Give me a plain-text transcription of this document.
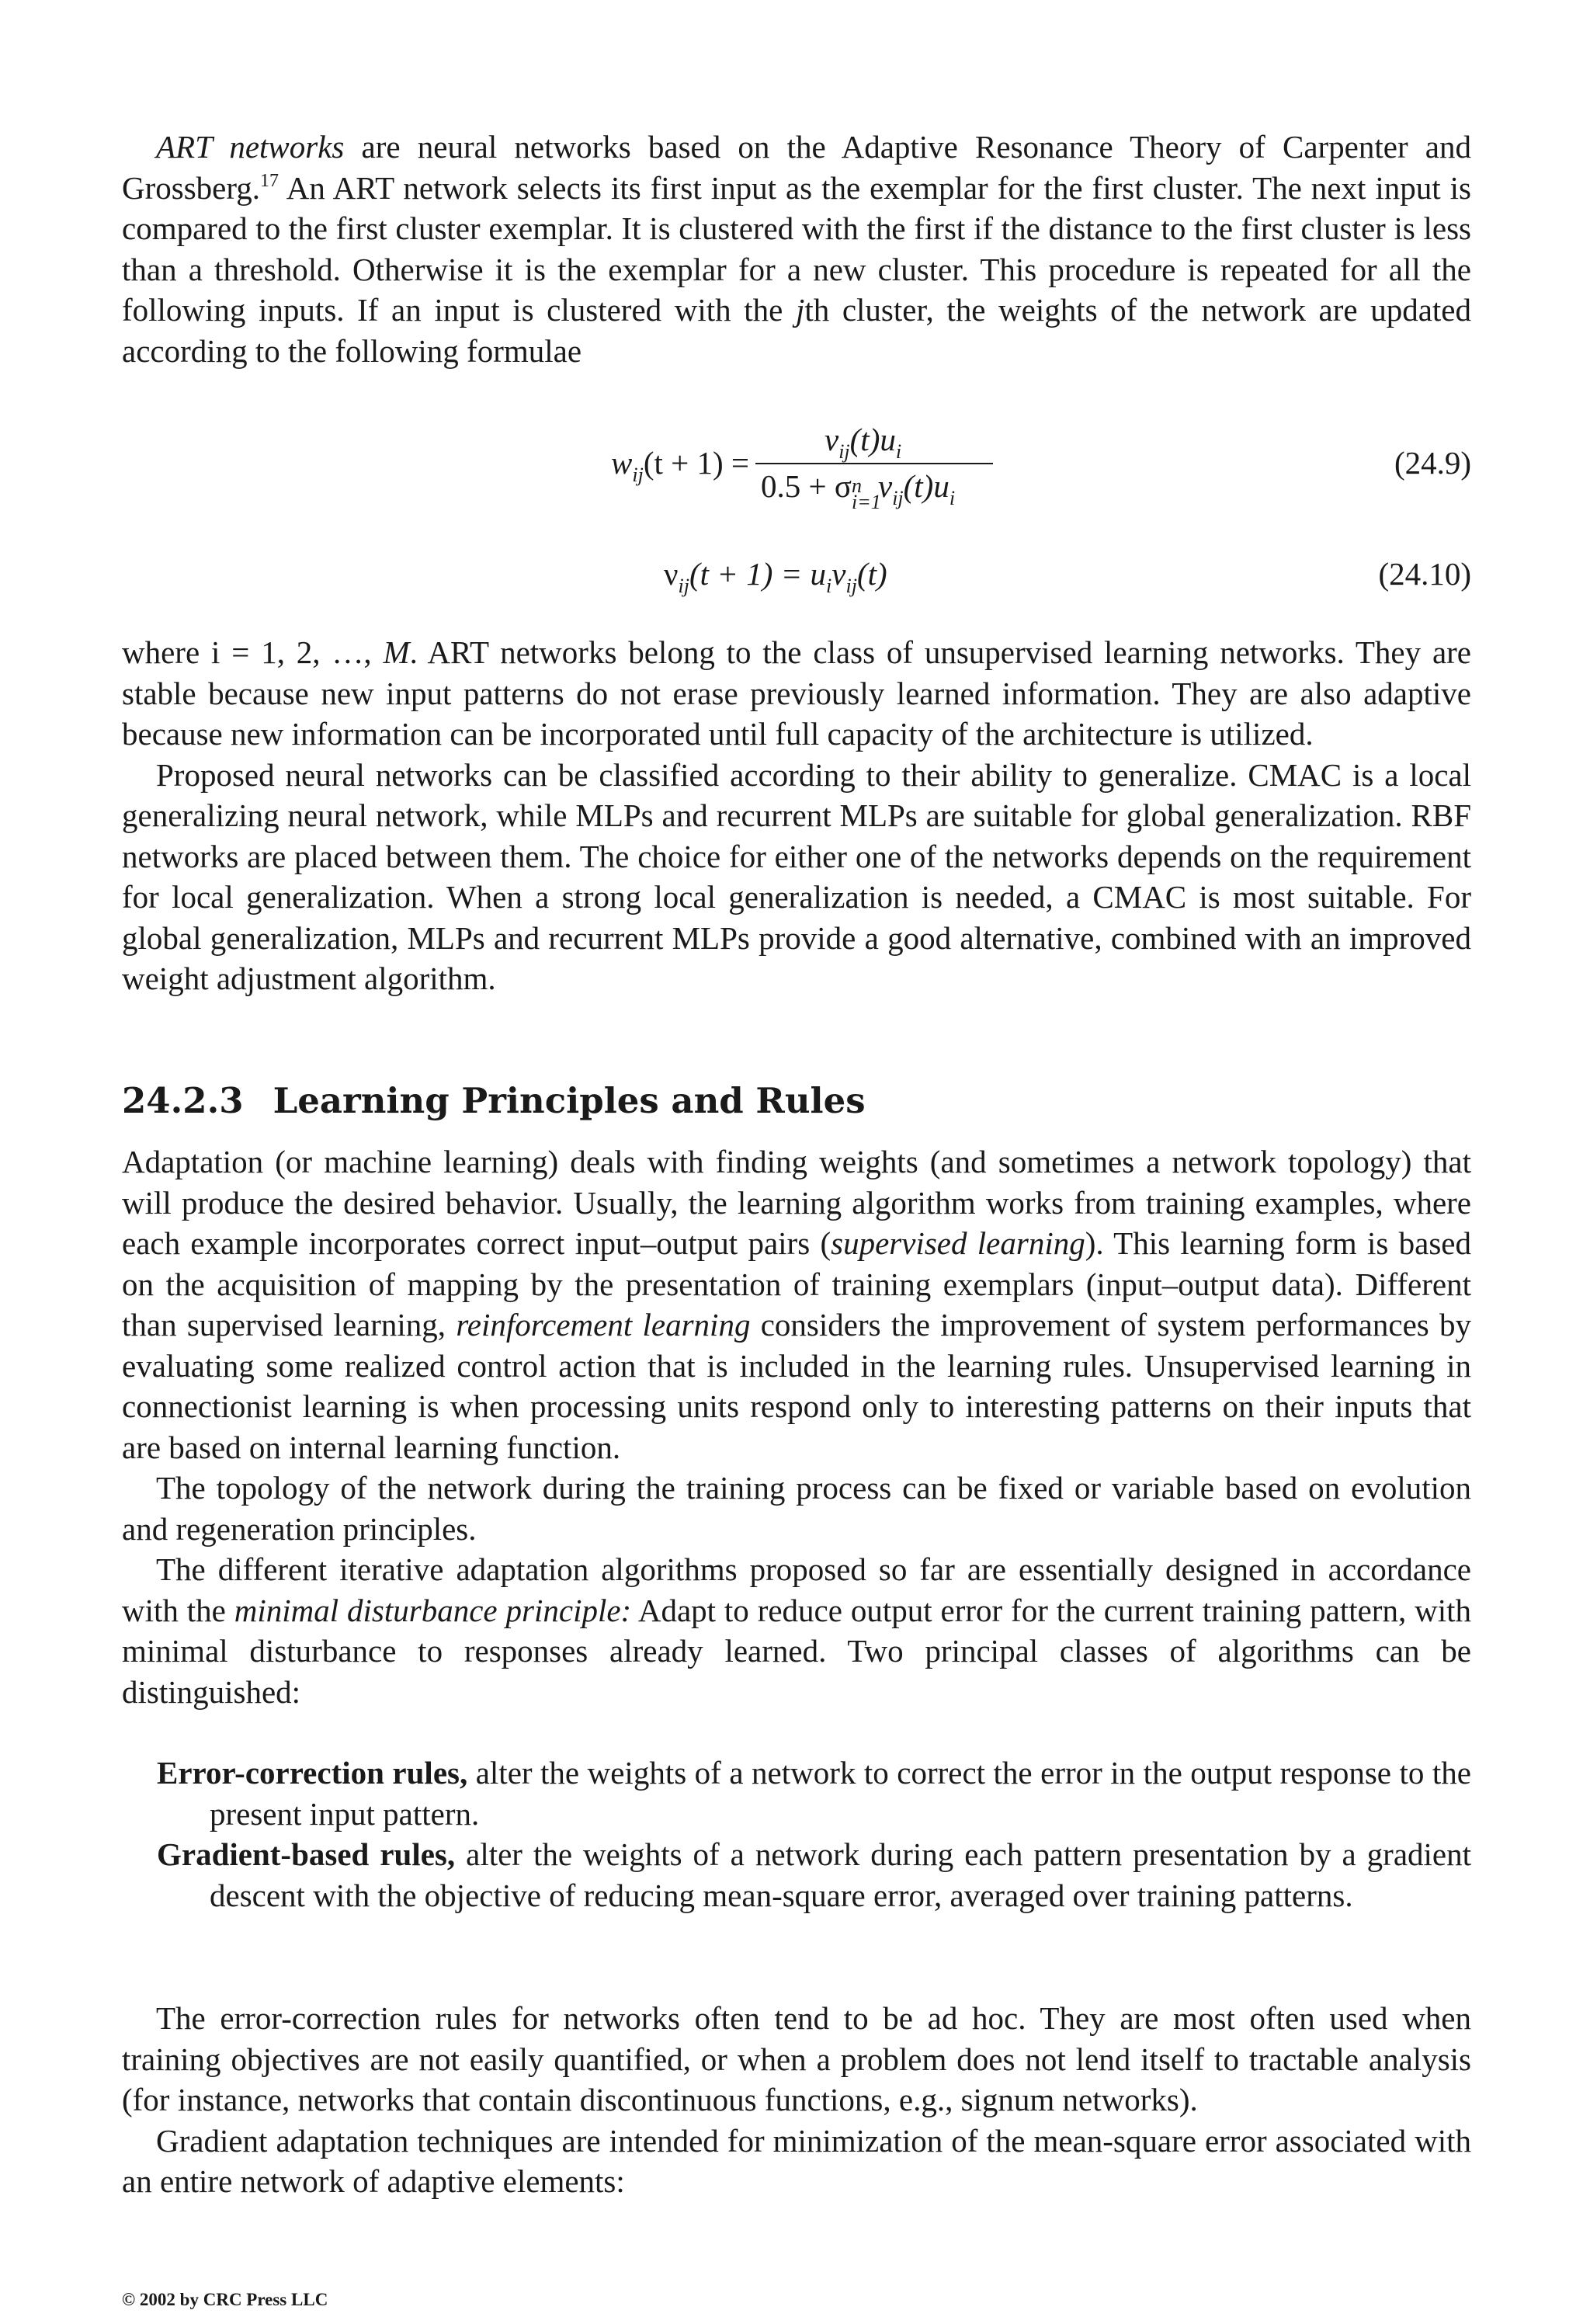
ART networks are neural networks based on the Adaptive Resonance Theory of Carpenter and Grossberg.$^{17}$ An ART network selects its first input as the exemplar for the first cluster. The next input is compared to the first cluster exemplar. It is clustered with the first if the distance to the first cluster is less than a threshold. Otherwise it is the exemplar for a new cluster. This procedure is repeated for all the following inputs. If an input is clustered with the jth cluster, the weights of the network are updated according to the following formulae

$w_{ij}(t + 1)$ =
$v_{ij}(t)u_i$
0.5 + σ n
i=1
$v_{ij}(t)u_i$
(24.9)
$\nu_{ij}(t + 1) = u_iv_{ij}(t)$	(24.10)

where i = 1, 2, …, M. ART networks belong to the class of unsupervised learning networks. They are stable because new input patterns do not erase previously learned information. They are also adaptive because new information can be incorporated until full capacity of the architecture is utilized.

Proposed neural networks can be classified according to their ability to generalize. CMAC is a local generalizing neural network, while MLPs and recurrent MLPs are suitable for global generalization. RBF networks are placed between them. The choice for either one of the networks depends on the requirement for local generalization. When a strong local generalization is needed, a CMAC is most suitable. For global generalization, MLPs and recurrent MLPs provide a good alternative, combined with an improved weight adjustment algorithm.

24.2.3 Learning Principles and Rules

Adaptation (or machine learning) deals with finding weights (and sometimes a network topology) that will produce the desired behavior. Usually, the learning algorithm works from training examples, where each example incorporates correct input–output pairs (supervised learning). This learning form is based on the acquisition of mapping by the presentation of training exemplars (input–output data). Different than supervised learning, reinforcement learning considers the improvement of system performances by evaluating some realized control action that is included in the learning rules. Unsupervised learning in connectionist learning is when processing units respond only to interesting patterns on their inputs that are based on internal learning function.

The topology of the network during the training process can be fixed or variable based on evolution and regeneration principles.

The different iterative adaptation algorithms proposed so far are essentially designed in accordance with the minimal disturbance principle: Adapt to reduce output error for the current training pattern, with minimal disturbance to responses already learned. Two principal classes of algorithms can be distinguished:

Error-correction rules, alter the weights of a network to correct the error in the output response to the present input pattern.

Gradient-based rules, alter the weights of a network during each pattern presentation by a gradient descent with the objective of reducing mean-square error, averaged over training patterns.

The error-correction rules for networks often tend to be ad hoc. They are most often used when training objectives are not easily quantified, or when a problem does not lend itself to tractable analysis (for instance, networks that contain discontinuous functions, e.g., signum networks).

Gradient adaptation techniques are intended for minimization of the mean-square error associated with an entire network of adaptive elements:

© 2002 by CRC Press LLC
